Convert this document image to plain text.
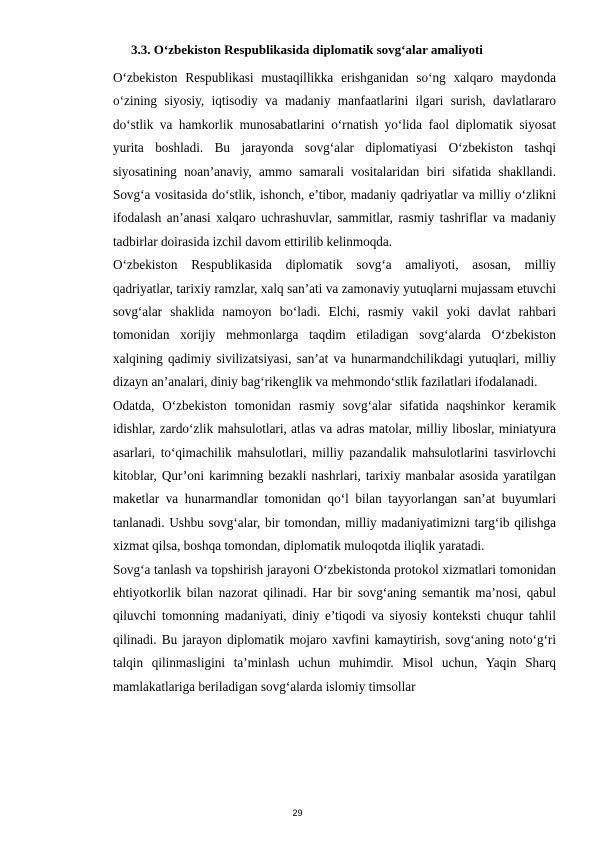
3.3. O‘zbekiston Respublikasida diplomatik sovg‘alar amaliyoti

O‘zbekiston Respublikasi mustaqillikka erishganidan so‘ng xalqaro maydonda o‘zining siyosiy, iqtisodiy va madaniy manfaatlarini ilgari surish, davlatlararo do‘stlik va hamkorlik munosabatlarini o‘rnatish yo‘lida faol diplomatik siyosat yurita boshladi. Bu jarayonda sovg‘alar diplomatiyasi O‘zbekiston tashqi siyosatining noan’anaviy, ammo samarali vositalaridan biri sifatida shakllandi. Sovg‘a vositasida do‘stlik, ishonch, e’tibor, madaniy qadriyatlar va milliy o‘zlikni ifodalash an’anasi xalqaro uchrashuvlar, sammitlar, rasmiy tashriflar va madaniy tadbirlar doirasida izchil davom ettirilib kelinmoqda.

O‘zbekiston Respublikasida diplomatik sovg‘a amaliyoti, asosan, milliy qadriyatlar, tarixiy ramzlar, xalq san’ati va zamonaviy yutuqlarni mujassam etuvchi sovg‘alar shaklida namoyon bo‘ladi. Elchi, rasmiy vakil yoki davlat rahbari tomonidan xorijiy mehmonlarga taqdim etiladigan sovg‘alarda O‘zbekiston xalqining qadimiy sivilizatsiyasi, san’at va hunarmandchilikdagi yutuqlari, milliy dizayn an’analari, diniy bag‘rikenglik va mehmondo‘stlik fazilatlari ifodalanadi.

Odatda, O‘zbekiston tomonidan rasmiy sovg‘alar sifatida naqshinkor keramik idishlar, zardo‘zlik mahsulotlari, atlas va adras matolar, milliy liboslar, miniatyura asarlari, to‘qimachilik mahsulotlari, milliy pazandalik mahsulotlarini tasvirlovchi kitoblar, Qur’oni karimning bezakli nashrlari, tarixiy manbalar asosida yaratilgan maketlar va hunarmandlar tomonidan qo‘l bilan tayyorlangan san’at buyumlari tanlanadi. Ushbu sovg‘alar, bir tomondan, milliy madaniyatimizni targ‘ib qilishga xizmat qilsa, boshqa tomondan, diplomatik muloqotda iliqlik yaratadi.

Sovg‘a tanlash va topshirish jarayoni O‘zbekistonda protokol xizmatlari tomonidan ehtiyotkorlik bilan nazorat qilinadi. Har bir sovg‘aning semantik ma’nosi, qabul qiluvchi tomonning madaniyati, diniy e’tiqodi va siyosiy konteksti chuqur tahlil qilinadi. Bu jarayon diplomatik mojaro xavfini kamaytirish, sovg‘aning noto‘g‘ri talqin qilinmasligini ta’minlash uchun muhimdir. Misol uchun, Yaqin Sharq mamlakatlariga beriladigan sovg‘alarda islomiy timsollar

29
